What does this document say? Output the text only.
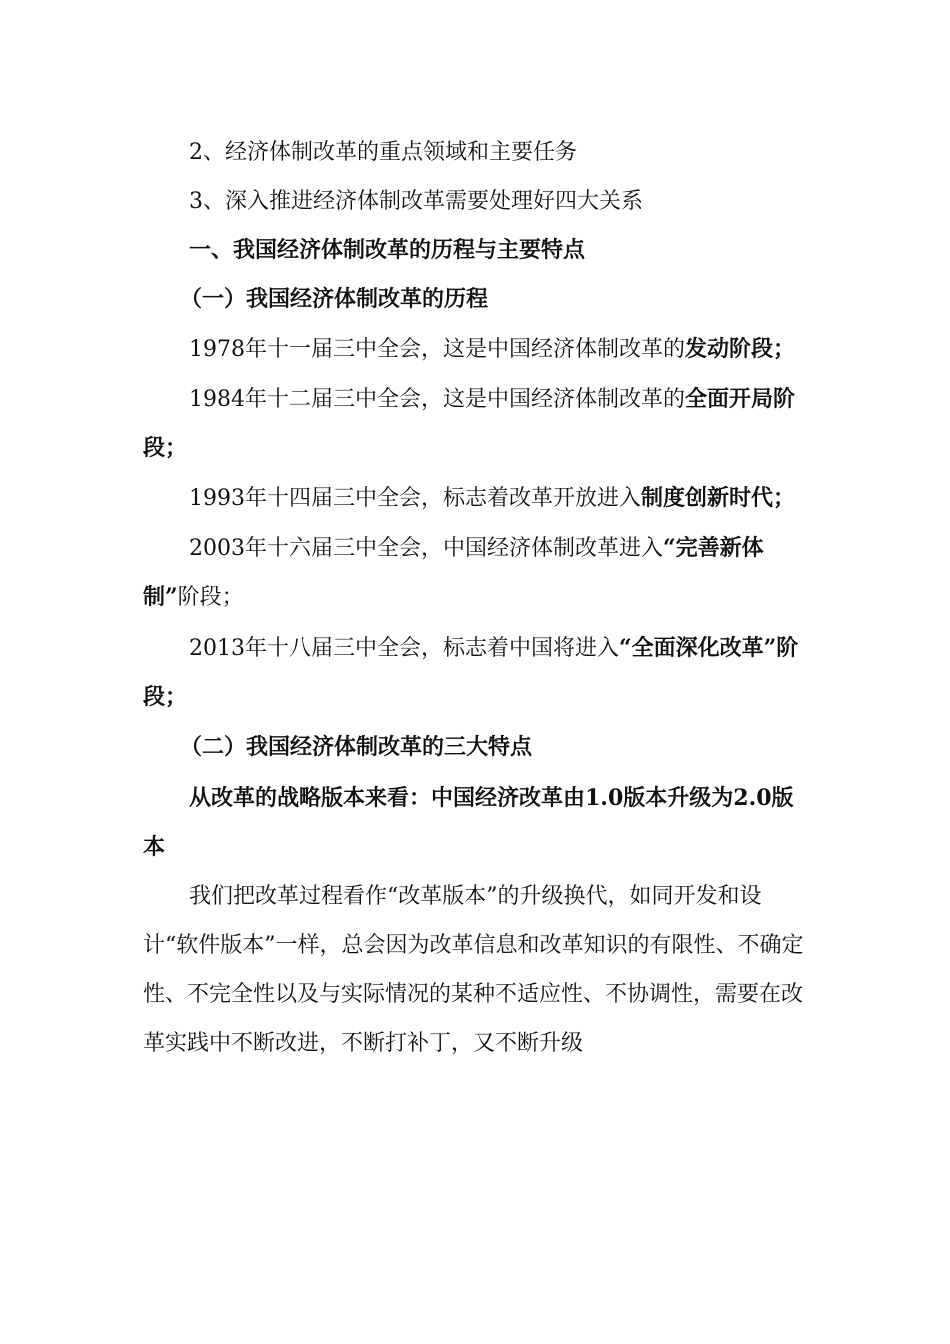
2、经济体制改革的重点领域和主要任务

3、深入推进经济体制改革需要处理好四大关系

一、我国经济体制改革的历程与主要特点

（一）我国经济体制改革的历程

1978年十一届三中全会，这是中国经济体制改革的发动阶段；

1984年十二届三中全会，这是中国经济体制改革的全面开局阶段；

1993年十四届三中全会，标志着改革开放进入制度创新时代；

2003年十六届三中全会，中国经济体制改革进入“完善新体制”阶段；

2013年十八届三中全会，标志着中国将进入“全面深化改革”阶段；

（二）我国经济体制改革的三大特点

从改革的战略版本来看：中国经济改革由1.0版本升级为2.0版本

我们把改革过程看作“改革版本”的升级换代，如同开发和设计“软件版本”一样，总会因为改革信息和改革知识的有限性、不确定性、不完全性以及与实际情况的某种不适应性、不协调性，需要在改革实践中不断改进，不断打补丁，又不断升级
